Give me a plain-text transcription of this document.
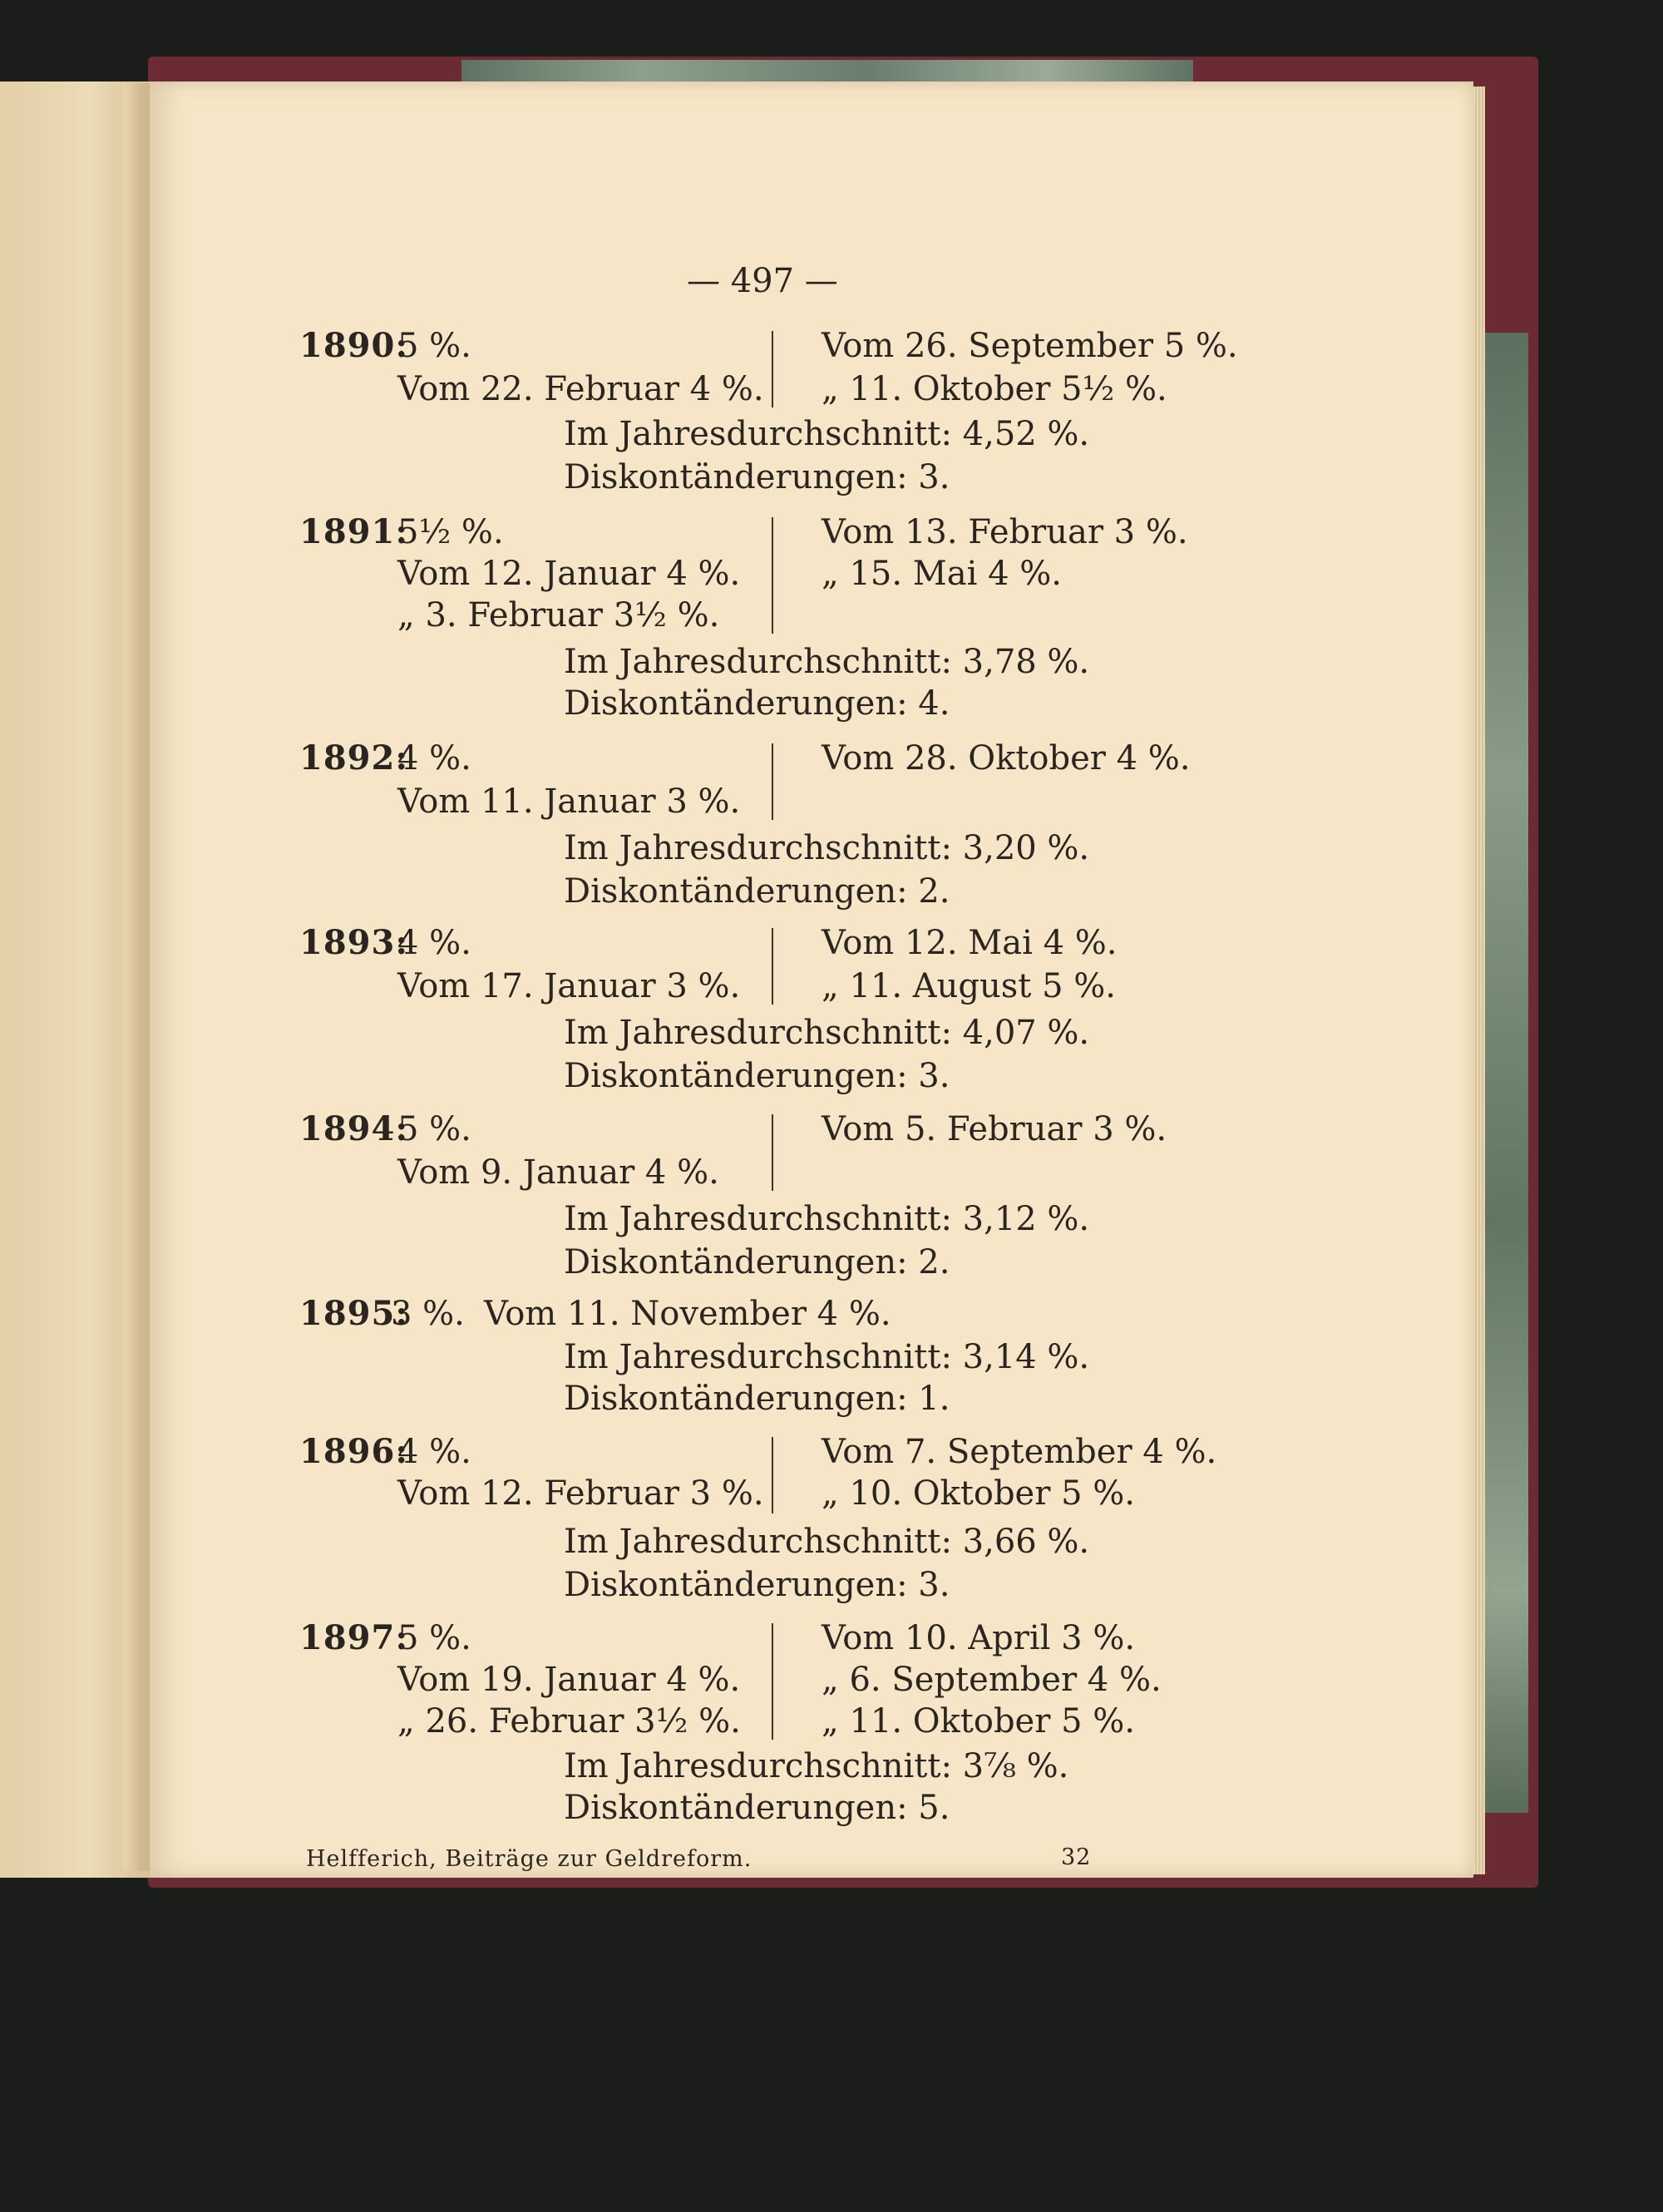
— 497 —
1890:
5 %.
Vom 22. Februar 4 %.
Vom 26. September 5 %.
„ 11. Oktober 5½ %.
Im Jahresdurchschnitt: 4,52 %.
Diskontänderungen: 3.
1891:
5½ %.
Vom 12. Januar 4 %.
„ 3. Februar 3½ %.
Vom 13. Februar 3 %.
„ 15. Mai 4 %.
Im Jahresdurchschnitt: 3,78 %.
Diskontänderungen: 4.
1892:
4 %.
Vom 11. Januar 3 %.
Vom 28. Oktober 4 %.
Im Jahresdurchschnitt: 3,20 %.
Diskontänderungen: 2.
1893:
4 %.
Vom 17. Januar 3 %.
Vom 12. Mai 4 %.
„ 11. August 5 %.
Im Jahresdurchschnitt: 4,07 %.
Diskontänderungen: 3.
1894:
5 %.
Vom 9. Januar 4 %.
Vom 5. Februar 3 %.
Im Jahresdurchschnitt: 3,12 %.
Diskontänderungen: 2.
1895:
3 %. Vom 11. November 4 %.
Im Jahresdurchschnitt: 3,14 %.
Diskontänderungen: 1.
1896:
4 %.
Vom 12. Februar 3 %.
Vom 7. September 4 %.
„ 10. Oktober 5 %.
Im Jahresdurchschnitt: 3,66 %.
Diskontänderungen: 3.
1897:
5 %.
Vom 19. Januar 4 %.
„ 26. Februar 3½ %.
Vom 10. April 3 %.
„ 6. September 4 %.
„ 11. Oktober 5 %.
Im Jahresdurchschnitt: 3⅞ %.
Diskontänderungen: 5.
Helfferich, Beiträge zur Geldreform.	32
